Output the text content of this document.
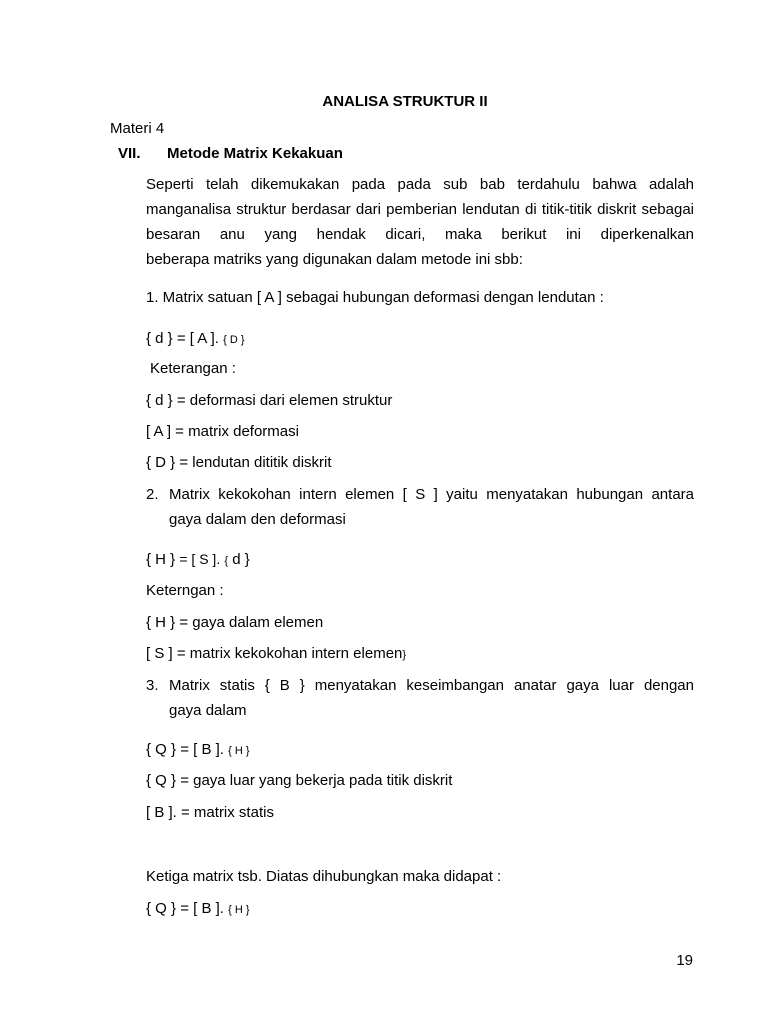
ANALISA STRUKTUR II
Materi 4
VII. Metode Matrix Kekakuan
Seperti telah dikemukakan pada pada sub bab terdahulu bahwa adalah manganalisa struktur berdasar dari pemberian lendutan di titik-titik diskrit sebagai besaran anu yang hendak dicari, maka berikut ini diperkenalkan
beberapa matriks yang digunakan dalam metode ini sbb:
1. Matrix satuan [ A ] sebagai hubungan deformasi dengan lendutan :
{ d } = [ A ]. { D }
Keterangan :
{ d } = deformasi dari elemen struktur
[ A ] = matrix deformasi
{ D } = lendutan dititik diskrit
2. Matrix kekokohan intern elemen [ S ] yaitu menyatakan hubungan antara
gaya dalam den deformasi
{ H } = [ S ]. { d }
Keterngan :
{ H } = gaya dalam elemen
[ S ] = matrix kekokohan intern elemen}
3. Matrix statis { B } menyatakan keseimbangan anatar gaya luar dengan
gaya dalam
{ Q } = [ B ]. { H }
{ Q } = gaya luar yang bekerja pada titik diskrit
[ B ]. = matrix statis
Ketiga matrix tsb. Diatas dihubungkan maka didapat :
{ Q } = [ B ]. { H }
19
